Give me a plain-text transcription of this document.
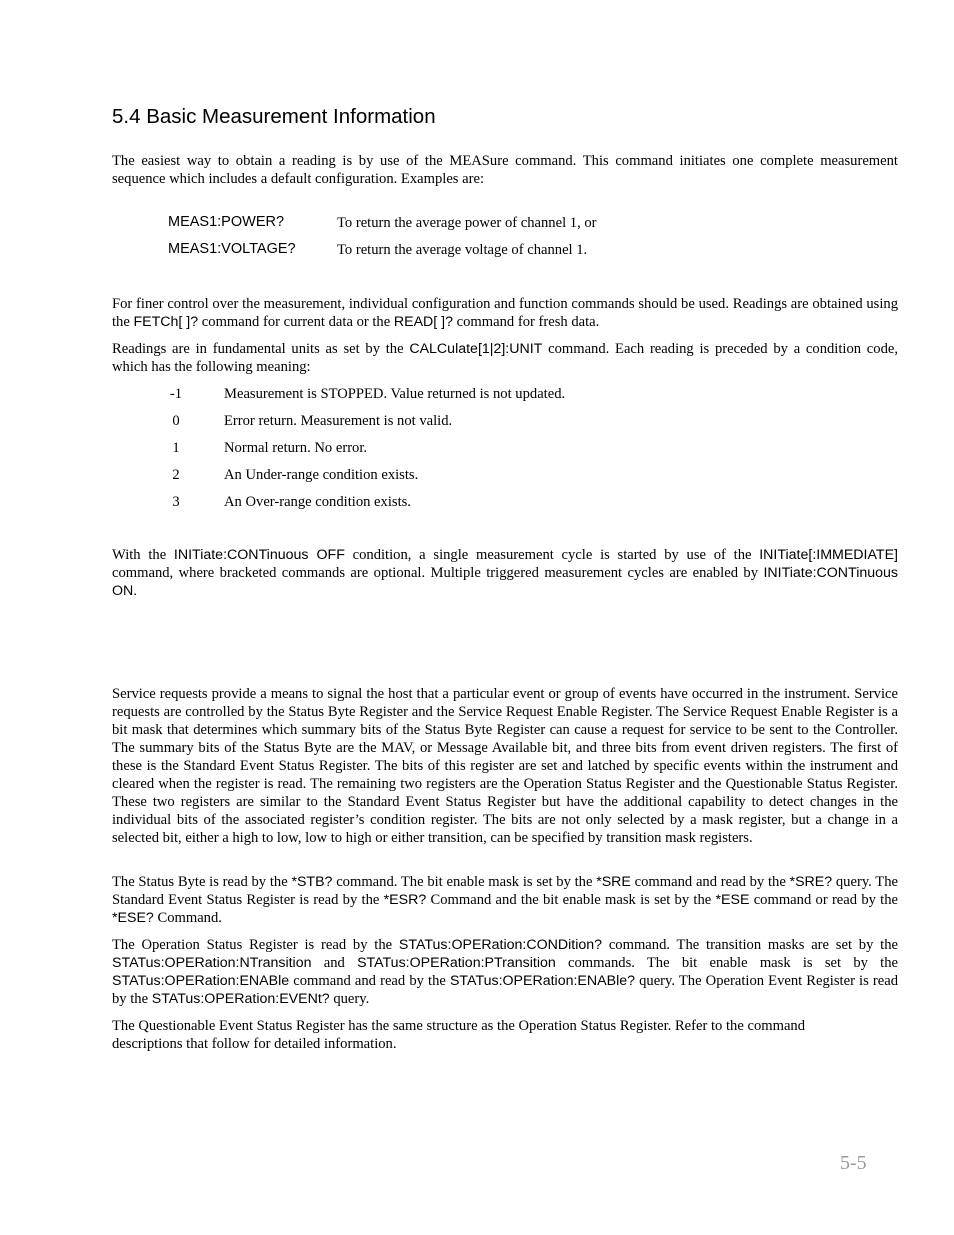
5.4 Basic Measurement Information

The easiest way to obtain a reading is by use of the MEASure command. This command initiates one complete measurement sequence which includes a default configuration. Examples are:

MEAS1:POWER?	To return the average power of channel 1, or
MEAS1:VOLTAGE?	To return the average voltage of channel 1.

For finer control over the measurement, individual configuration and function commands should be used. Readings are obtained using the FETCh[ ]? command for current data or the READ[ ]? command for fresh data.

Readings are in fundamental units as set by the CALCulate[1|2]:UNIT command. Each reading is preceded by a condition code, which has the following meaning:

-1	Measurement is STOPPED. Value returned is not updated.
0	Error return. Measurement is not valid.
1	Normal return. No error.
2	An Under-range condition exists.
3	An Over-range condition exists.

With the INITiate:CONTinuous OFF condition, a single measurement cycle is started by use of the INITiate[:IMMEDIATE] command, where bracketed commands are optional. Multiple triggered measurement cycles are enabled by INITiate:CONTinuous ON.

Service requests provide a means to signal the host that a particular event or group of events have occurred in the instrument. Service requests are controlled by the Status Byte Register and the Service Request Enable Register. The Service Request Enable Register is a bit mask that determines which summary bits of the Status Byte Register can cause a request for service to be sent to the Controller. The summary bits of the Status Byte are the MAV, or Message Available bit, and three bits from event driven registers. The first of these is the Standard Event Status Register. The bits of this register are set and latched by specific events within the instrument and cleared when the register is read. The remaining two registers are the Operation Status Register and the Questionable Status Register. These two registers are similar to the Standard Event Status Register but have the additional capability to detect changes in the individual bits of the associated register’s condition register. The bits are not only selected by a mask register, but a change in a selected bit, either a high to low, low to high or either transition, can be specified by transition mask registers.

The Status Byte is read by the *STB? command. The bit enable mask is set by the *SRE command and read by the *SRE? query. The Standard Event Status Register is read by the *ESR? Command and the bit enable mask is set by the *ESE command or read by the *ESE? Command.

The Operation Status Register is read by the STATus:OPERation:CONDition? command. The transition masks are set by the STATus:OPERation:NTransition and STATus:OPERation:PTransition commands. The bit enable mask is set by the STATus:OPERation:ENABle command and read by the STATus:OPERation:ENABle? query. The Operation Event Register is read by the STATus:OPERation:EVENt? query.

The Questionable Event Status Register has the same structure as the Operation Status Register. Refer to the command descriptions that follow for detailed information.

5-5
